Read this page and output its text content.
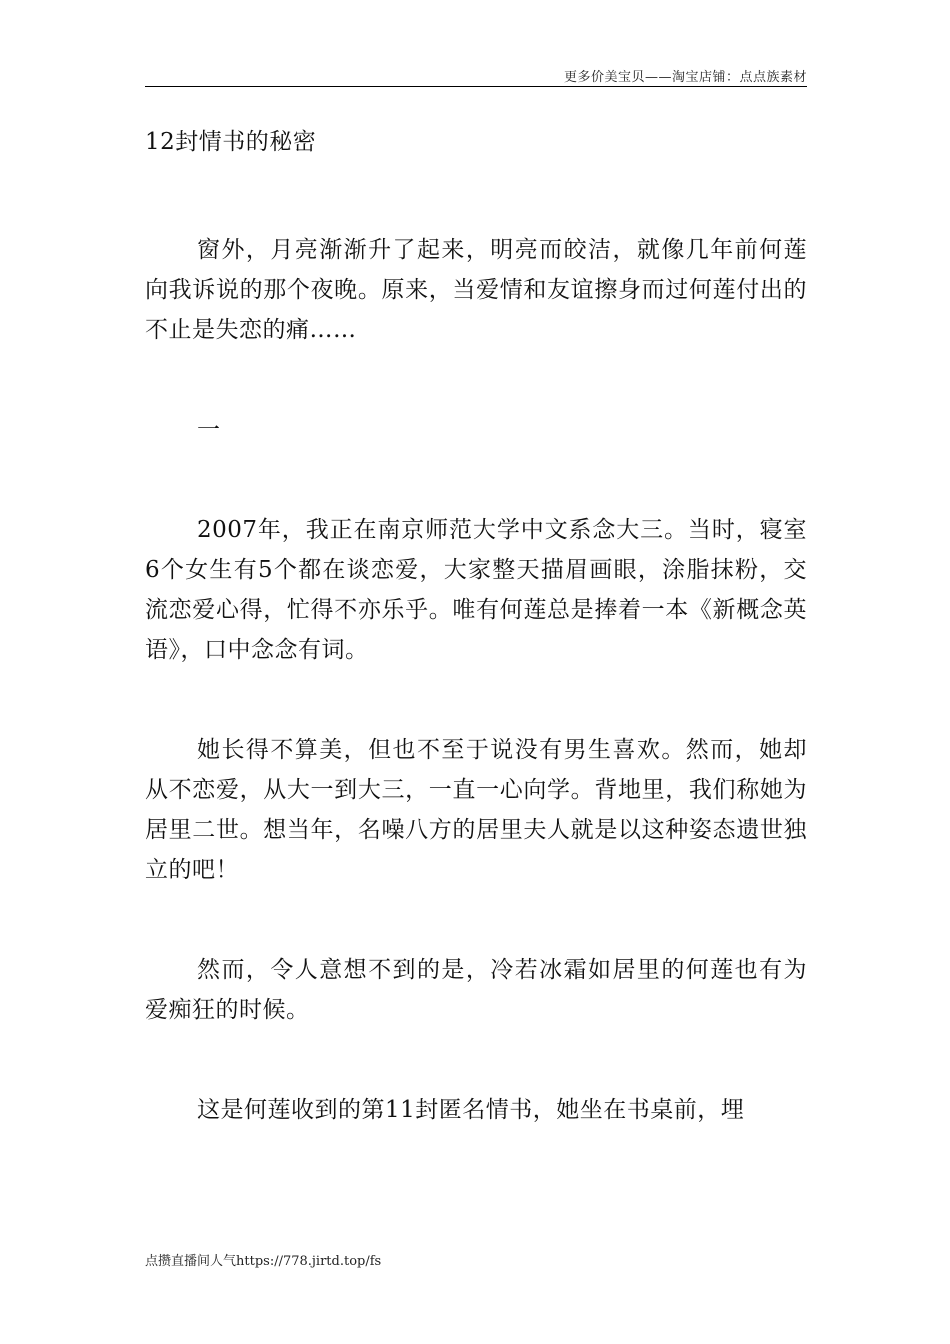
更多价美宝贝——淘宝店铺：点点族素材

12封情书的秘密

窗外，月亮渐渐升了起来，明亮而皎洁，就像几年前何莲向我诉说的那个夜晚。原来，当爱情和友谊擦身而过何莲付出的不止是失恋的痛……

一

2007年，我正在南京师范大学中文系念大三。当时，寝室6个女生有5个都在谈恋爱，大家整天描眉画眼，涂脂抹粉，交流恋爱心得，忙得不亦乐乎。唯有何莲总是捧着一本《新概念英语》，口中念念有词。

她长得不算美，但也不至于说没有男生喜欢。然而，她却从不恋爱，从大一到大三，一直一心向学。背地里，我们称她为居里二世。想当年，名噪八方的居里夫人就是以这种姿态遗世独立的吧！

然而，令人意想不到的是，冷若冰霜如居里的何莲也有为爱痴狂的时候。

这是何莲收到的第11封匿名情书，她坐在书桌前，埋

点攒直播间人气https://778.jirtd.top/fs
